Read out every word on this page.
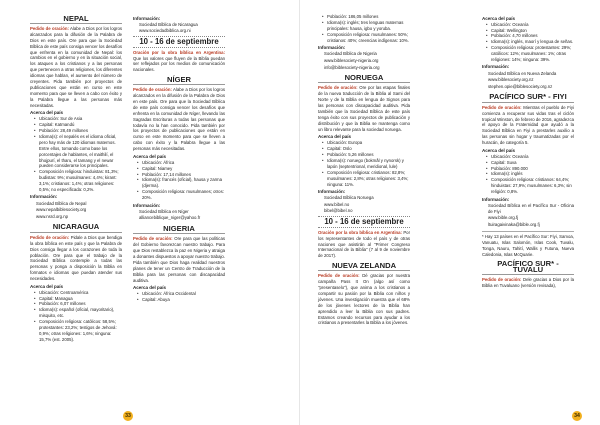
NEPAL

Pedido de oración: Alabe a Dios por los logros alcanzados para la difusión de la Palabra de Dios en este país. Ore para que la Sociedad Bíblica de este país consiga vencer los desafíos que enfrenta en la comunidad de Nepal: los cambios en el gobierno y en la situación social, los ataques a los cristianos y a las personas que pertenecen a otras religiones, los diferentes idiomas que hablan, el aumento del número de creyentes. Pida también por proyectos de publicaciones que están en curso en este momento para que se lleven a cabo con éxito y la Palabra llegue a las personas más necesitadas.

Acerca del país
• Ubicación: Sur de Asia
• Capital: Katmandú
• Población: 28,49 millones
• Idioma(s): el nepalés es el idioma oficial, pero hay más de 120 idiomas maternos. Entre ellos, tomando como base los porcentajes de hablantes, el maithilí, el bhojpurí, el tharu, el tamang y el newar pueden considerarse los principales.
• Composición religiosa: hinduistas: 81,3%; budistas: 9%; musulmanes: 4,4%; kirant: 3,1%; cristianos: 1,4%; otras religiones: 0,5%; no especificada: 0,2%.
Información:

Sociedad Bíblica de Nepal

www.nepalbiblesociety.org

www.nsrd.org.np

NICARAGUA

Pedido de oración: Pidale a Dios que bendiga la obra bíblica en este país y que la Palabra de Dios consiga llegar a los corazones de toda la población. Ore para que el trabajo de la Sociedad Bíblica contemple a todas las personas y ponga a disposición la Biblia en formatos e idiomas que puedan atender sus necesidades.

Acerca del país
• Ubicación: Centroamérica
• Capital: Managua
• Población: 6,07 millones
• Idioma(s): español (oficial, mayoritario), misquito, etc.
• Composición religiosa: católicos: 58,5%; protestantes: 23,2%; testigos de Jehová: 0,9%; otras religiones: 1,6%; ninguna: 15,7% (est. 2005).
Información:

Sociedad Bíblica de Nicaragua

www.sociedadbiblica.org.ni

10 - 16 de septiembre

Oración por la obra bíblica en Argentina: Que los valores que fluyen de la Biblia puedan ser reflejados por los medios de comunicación nacionales.

NÍGER

Pedido de oración: Alabe a Dios por los logros alcanzados en la difusión de la Palabra de Dios en este país. Ore para que la Sociedad Bíblica de este país consiga vencer los desafíos que enfrenta en la comunidad de Níger, llevando las Sagradas Escrituras a todas las personas que todavía no la han conocido. Pida también por los proyectos de publicaciones que están en curso en este momento para que se lleven a cabo con éxito y la Palabra llegue a las personas más necesitadas.

Acerca del país
• Ubicación: África
• Capital: Niamey
• Población: 17,14 millones
• Idioma(s): francés (oficial), hausa y zarma (djerma).
• Composición religiosa: musulmanes; otros: 20%.
Información:

Sociedad Bíblica en Níger

alliancebiblique_niger@yahoo.fr

NIGERIA

Pedido de oración: Ore para que las políticas del Gobierno favorezcan nuestro trabajo. Para que Dios restablezca la paz en Nigeria y atraiga a donantes dispuestos a apoyar nuestro trabajo. Pida también que Dios haga realidad nuestros planes de tener un Centro de Traducción de la Biblia para las personas con discapacidad auditiva.

Acerca del país
• Ubicación: África Occidental
• Capital: Abuya
33
• Población: 186,05 millones
• Idioma(s): inglés; tres lenguas maternas principales: hausa, igbo y yoruba.
• Composición religiosa: musulmanes: 50%; cristianos: 40%; creencias indígenas: 10%.
Información:

Sociedad Bíblica de Nigeria

www.biblesociety-nigeria.org

info@biblesociety-nigeria.org

NORUEGA

Pedido de oración: Ore por las etapas finales de la nueva traducción de la Biblia al Sami del Norte y de la Biblia en lengua de Signos para las personas con discapacidad auditiva. Pida también que la Sociedad Bíblica de este país tenga éxito con sus proyectos de publicación y distribución y que la Biblia se mantenga como un libro relevante para la sociedad noruega.

Acerca del país
• Ubicación: Europa
• Capital: Oslo
• Población: 5,26 millones
• Idioma(s): noruego (bokmål y nynorsk) y lapón (septentrional, meridional, lule)
• Composición religiosa: cristianos: 82,8%; musulmanes: 2,8%; otras religiones: 3,4%; ninguna: 11%.
Información:

Sociedad Bíblica Noruega

www.bibel.no

bibel@bibel.no

10 - 16 de septiembre

Oración por la obra bíblica en Argentina: Por los representantes de todo el país y de otras naciones que asistirán al "Primer Congreso Internacional de la Biblia" (7 al 9 de noviembre de 2017).

NUEVA ZELANDA

Pedido de oración: Dé gracias por nuestra campaña Pass It On (algo así como "presentaselo"), que anima a los cristianos a compartir su pasión por la Biblia con niños y jóvenes. Una investigación muestra que el 68% de los jóvenes lectores de la Biblia han aprendido a leer la Biblia con sus padres. Estamos creando recursos para ayudar a los cristianos a presentarles la Biblia a los jóvenes.

Acerca del país
• Ubicación: Oceanía
• Capital: Wellington
• Población: 4,70 millones
• Idioma(s): inglés, maorí y lengua de señas.
• Composición religiosa: protestantes: 29%; católicos: 12%; musulmanes: 1%; otras religiones: 14%; ninguna: 39%.
Información:

Sociedad Bíblica en Nueva Zelanda

www.biblesociety.org.nz

stephen.opie@biblesociety.org.nz

PACÍFICO SUR* - FIYI

Pedido de oración: Mientras el pueblo de Fiyi comienza a recuperar sus vidas tras el ciclón tropical Winston, de febrero de 2016, agradezca el apoyo de la Fraternidad que ayudó a la Sociedad Bíblica en Fiyi a prestarles auxilio a las personas sin hogar y traumatizadas por el huracán, de categoría 5.

Acerca del país
• Ubicación: Oceanía
• Capital: Suva
• Población: 890.000
• Idioma(s): inglés
• Composición religiosa: cristianos: 64,4%; hinduistas: 27,9%; musulmanes: 6,3%; sin religión: 0,8%.
Información:

Sociedad Bíblica en el Pacífico Sur - Oficina de Fiyi

www.bible.org.fj

ltuiragaivinaka@bible.org.fj

* Hay 13 países en el Pacífico Sur: Fiyi, Samoa, Vanuatu, Islas Salomón, Islas Cook, Tuvalu, Tonga, Nauru, Tahití, Wallis y Futuna, Nueva Caledonia, Islas McQuarie.

PACÍFICO SUR* - TUVALU

Pedido de oración: Dele gracias a Dios por la Biblia en Tuvaluano (versión revisada),

34
